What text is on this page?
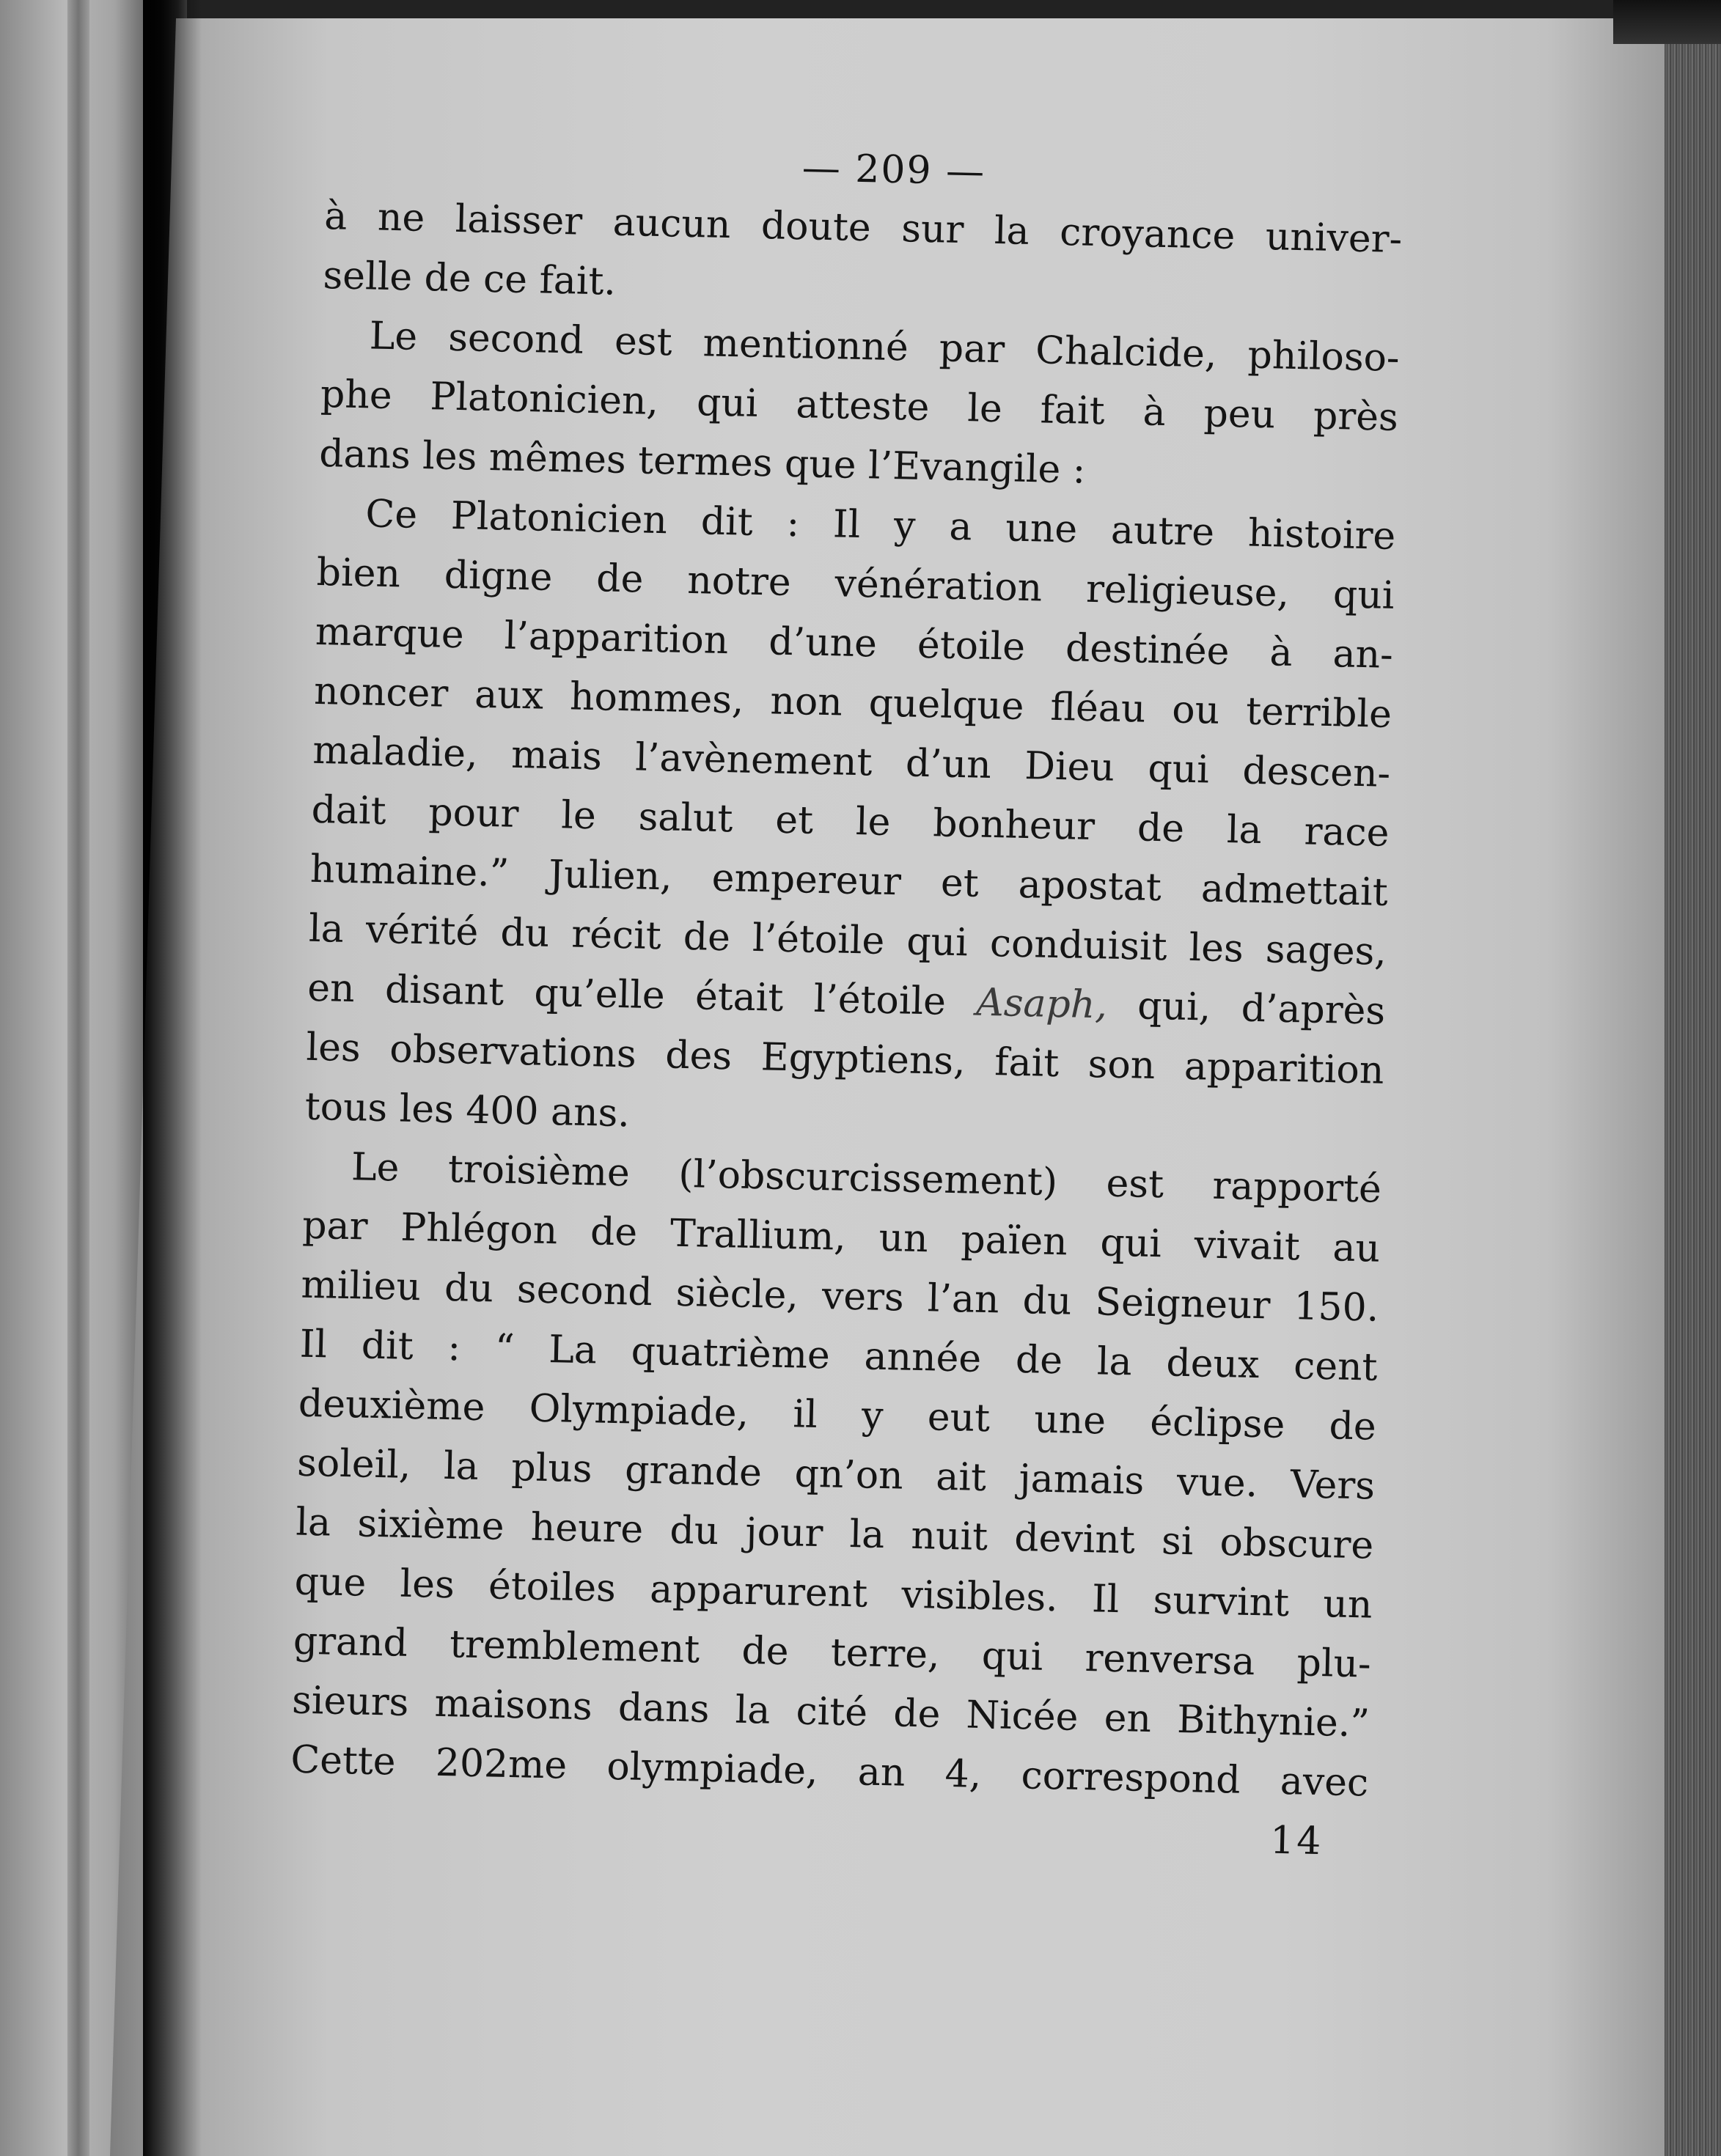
— 209 —
à ne laisser aucun doute sur la croyance univer-
selle de ce fait.
Le second est mentionné par Chalcide, philoso-
phe Platonicien, qui atteste le fait à peu près
dans les mêmes termes que l’Evangile :
Ce Platonicien dit : Il y a une autre histoire
bien digne de notre vénération religieuse, qui
marque l’apparition d’une étoile destinée à an-
noncer aux hommes, non quelque fléau ou terrible
maladie, mais l’avènement d’un Dieu qui descen-
dait pour le salut et le bonheur de la race
humaine.” Julien, empereur et apostat admettait
la vérité du récit de l’étoile qui conduisit les sages,
en disant qu’elle était l’étoile Asaph, qui, d’après
les observations des Egyptiens, fait son apparition
tous les 400 ans.
Le troisième (l’obscurcissement) est rapporté
par Phlégon de Trallium, un païen qui vivait au
milieu du second siècle, vers l’an du Seigneur 150.
Il dit : “ La quatrième année de la deux cent
deuxième Olympiade, il y eut une éclipse de
soleil, la plus grande qn’on ait jamais vue. Vers
la sixième heure du jour la nuit devint si obscure
que les étoiles apparurent visibles. Il survint un
grand tremblement de terre, qui renversa plu-
sieurs maisons dans la cité de Nicée en Bithynie.”
Cette 202me olympiade, an 4, correspond avec
14
